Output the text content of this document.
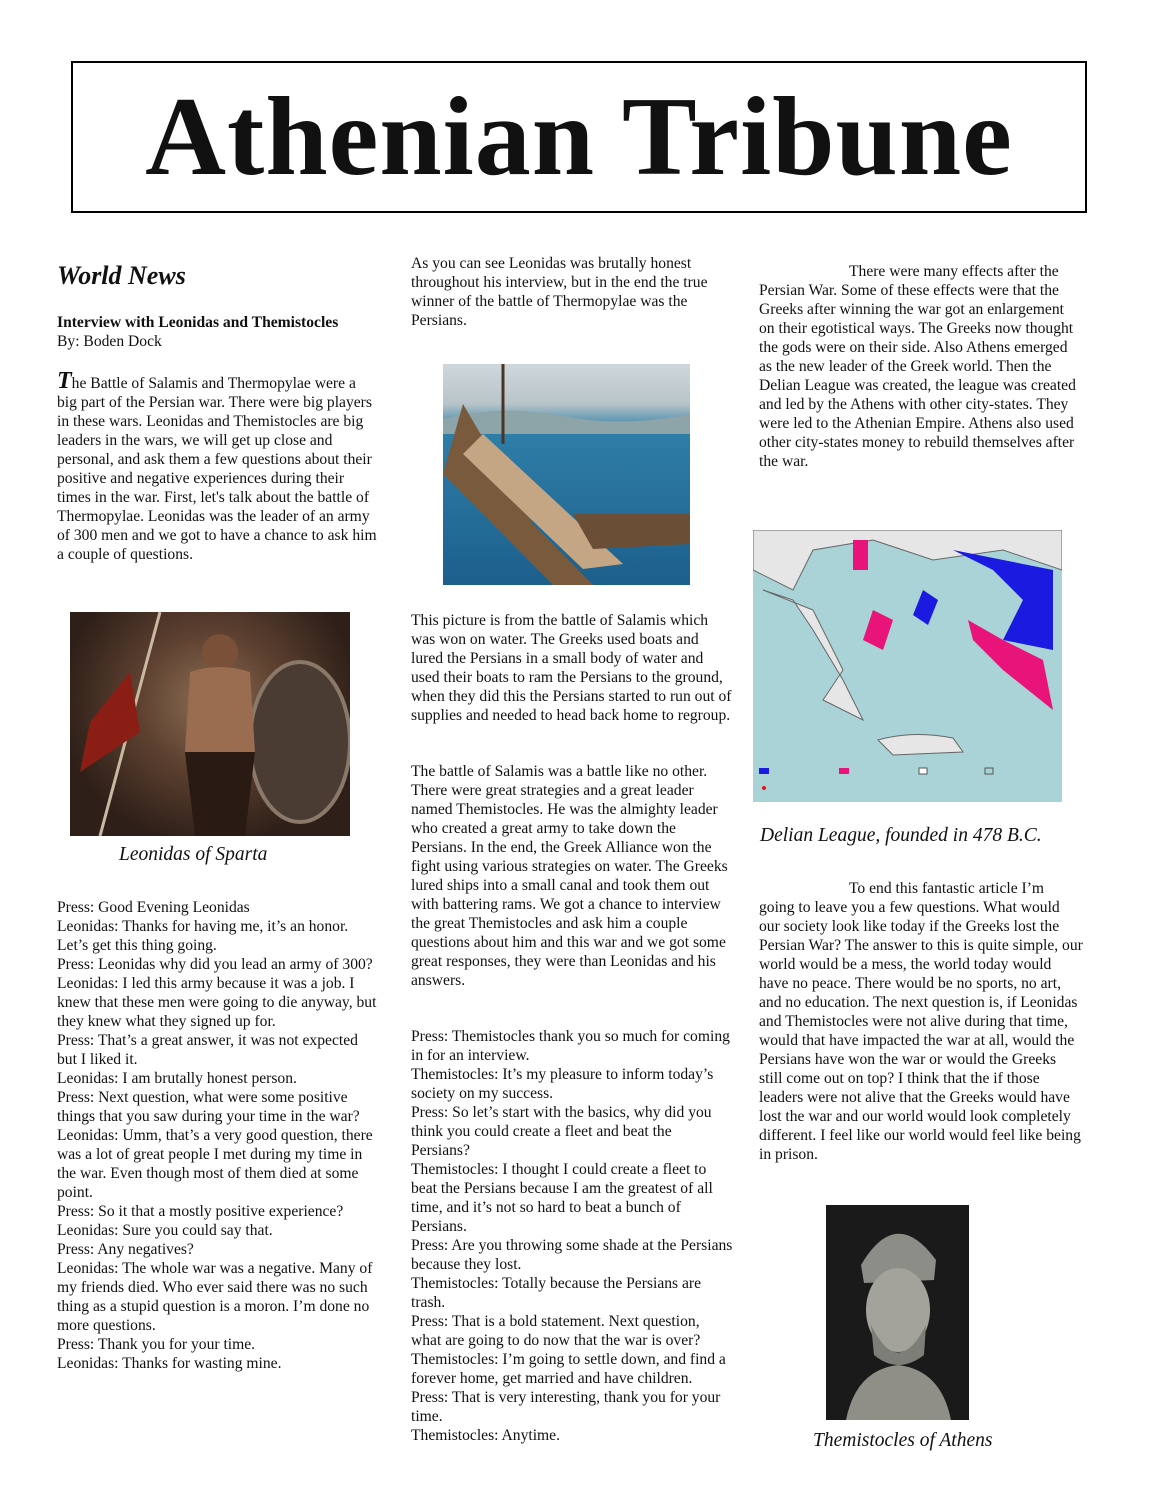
Athenian Tribune
World News
Interview with Leonidas and Themistocles
By: Boden Dock
The Battle of Salamis and Thermopylae were a big part of the Persian war. There were big players in these wars. Leonidas and Themistocles are big leaders in the wars, we will get up close and personal, and ask them a few questions about their positive and negative experiences during their times in the war. First, let's talk about the battle of Thermopylae. Leonidas was the leader of an army of 300 men and we got to have a chance to ask him a couple of questions.
Leonidas of Sparta
Press: Good Evening Leonidas
Leonidas: Thanks for having me, it’s an honor. Let’s get this thing going.
Press: Leonidas why did you lead an army of 300?
Leonidas: I led this army because it was a job. I knew that these men were going to die anyway, but they knew what they signed up for.
Press: That’s a great answer, it was not expected but I liked it.
Leonidas: I am brutally honest person.
Press: Next question, what were some positive things that you saw during your time in the war?
Leonidas: Umm, that’s a very good question, there was a lot of great people I met during my time in the war. Even though most of them died at some point.
Press: So it that a mostly positive experience?
Leonidas: Sure you could say that.
Press: Any negatives?
Leonidas: The whole war was a negative. Many of my friends died. Who ever said there was no such thing as a stupid question is a moron. I’m done no more questions.
Press: Thank you for your time.
Leonidas: Thanks for wasting mine.
As you can see Leonidas was brutally honest throughout his interview, but in the end the true winner of the battle of Thermopylae was the Persians.
This picture is from the battle of Salamis which was won on water. The Greeks used boats and lured the Persians in a small body of water and used their boats to ram the Persians to the ground, when they did this the Persians started to run out of supplies and needed to head back home to regroup.
The battle of Salamis was a battle like no other. There were great strategies and a great leader named Themistocles. He was the almighty leader who created a great army to take down the Persians. In the end, the Greek Alliance won the fight using various strategies on water. The Greeks lured ships into a small canal and took them out with battering rams. We got a chance to interview the great Themistocles and ask him a couple questions about him and this war and we got some great responses, they were than Leonidas and his answers.
Press: Themistocles thank you so much for coming in for an interview.
Themistocles: It’s my pleasure to inform today’s society on my success.
Press: So let’s start with the basics, why did you think you could create a fleet and beat the Persians?
Themistocles: I thought I could create a fleet to beat the Persians because I am the greatest of all time, and it’s not so hard to beat a bunch of Persians.
Press: Are you throwing some shade at the Persians because they lost.
Themistocles: Totally because the Persians are trash.
Press: That is a bold statement. Next question, what are going to do now that the war is over?
Themistocles: I’m going to settle down, and find a forever home, get married and have children.
Press: That is very interesting, thank you for your time.
Themistocles: Anytime.
There were many effects after the Persian War. Some of these effects were that the Greeks after winning the war got an enlargement on their egotistical ways. The Greeks now thought the gods were on their side. Also Athens emerged as the new leader of the Greek world. Then the Delian League was created, the league was created and led by the Athens with other city-states. They were led to the Athenian Empire. Athens also used other city-states money to rebuild themselves after the war.
Delian League, founded in 478 B.C.
To end this fantastic article I’m going to leave you a few questions. What would our society look like today if the Greeks lost the Persian War? The answer to this is quite simple, our world would be a mess, the world today would have no peace. There would be no sports, no art, and no education. The next question is, if Leonidas and Themistocles were not alive during that time, would that have impacted the war at all, would the Persians have won the war or would the Greeks still come out on top? I think that the if those leaders were not alive that the Greeks would have lost the war and our world would look completely different. I feel like our world would feel like being in prison.
Themistocles of Athens
